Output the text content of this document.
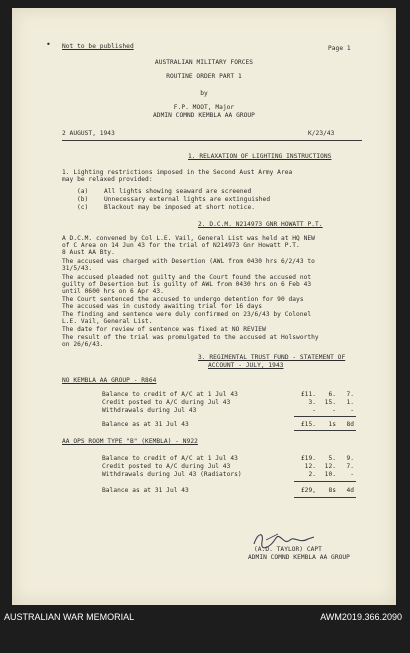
• Not to be published	Page 1
AUSTRALIAN MILITARY FORCES
ROUTINE ORDER PART 1
by
F.P. MOOT, Major
ADMIN COMND KEMBLA AA GROUP
2 AUGUST, 1943	K/23/43
1. RELAXATION OF LIGHTING INSTRUCTIONS
1. Lighting restrictions imposed in the Second Aust Army Area
may be relaxed provided:
(a)	All lights showing seaward are screened
(b)	Unnecessary external lights are extinguished
(c)	Blackout may be imposed at short notice.
2. D.C.M. N214973 GNR HOWATT P.T.
A D.C.M. convened by Col L.E. Vail, General List was held at HQ NEW
of C Area on 14 Jun 43 for the trial of N214973 Gnr Howatt P.T.
8 Aust AA Bty.
The accused was charged with Desertion (AWL from 0430 hrs 6/2/43 to
31/5/43.
The accused pleaded not guilty and the Court found the accused not
guilty of Desertion but is guilty of AWL from 0430 hrs on 6 Feb 43
until 0600 hrs on 6 Apr 43.
The Court sentenced the accused to undergo detention for 90 days
The accused was in custody awaiting trial for 16 days
The finding and sentence were duly confirmed on 23/6/43 by Colonel
L.E. Vail, General List.
The date for review of sentence was fixed at NO REVIEW
The result of the trial was promulgated to the accused at Holsworthy
on 26/6/43.
3. REGIMENTAL TRUST FUND - STATEMENT OF
ACCOUNT - JULY, 1943
NO KEMBLA AA GROUP - R864
Balance to credit of A/C at 1 Jul 43	£11.	6.	7.
Credit posted to A/C during Jul 43	3.	15.	1.
Withdrawals during Jul 43	-	-	-
Balance as at 31 Jul 43	£15.	1s	8d
AA OPS ROOM TYPE "B" (KEMBLA) - N922
Balance to credit of A/C at 1 Jul 43	£19.	5.	9.
Credit posted to A/C during Jul 43	12.	12.	7.
Withdrawals during Jul 43 (Radiators)	2.	10.	-
Balance as at 31 Jul 43	£29,	8s	4d
(A.D. TAYLOR) CAPT
ADMIN COMND KEMBLA AA GROUP
AUSTRALIAN WAR MEMORIAL	AWM2019.366.2090
